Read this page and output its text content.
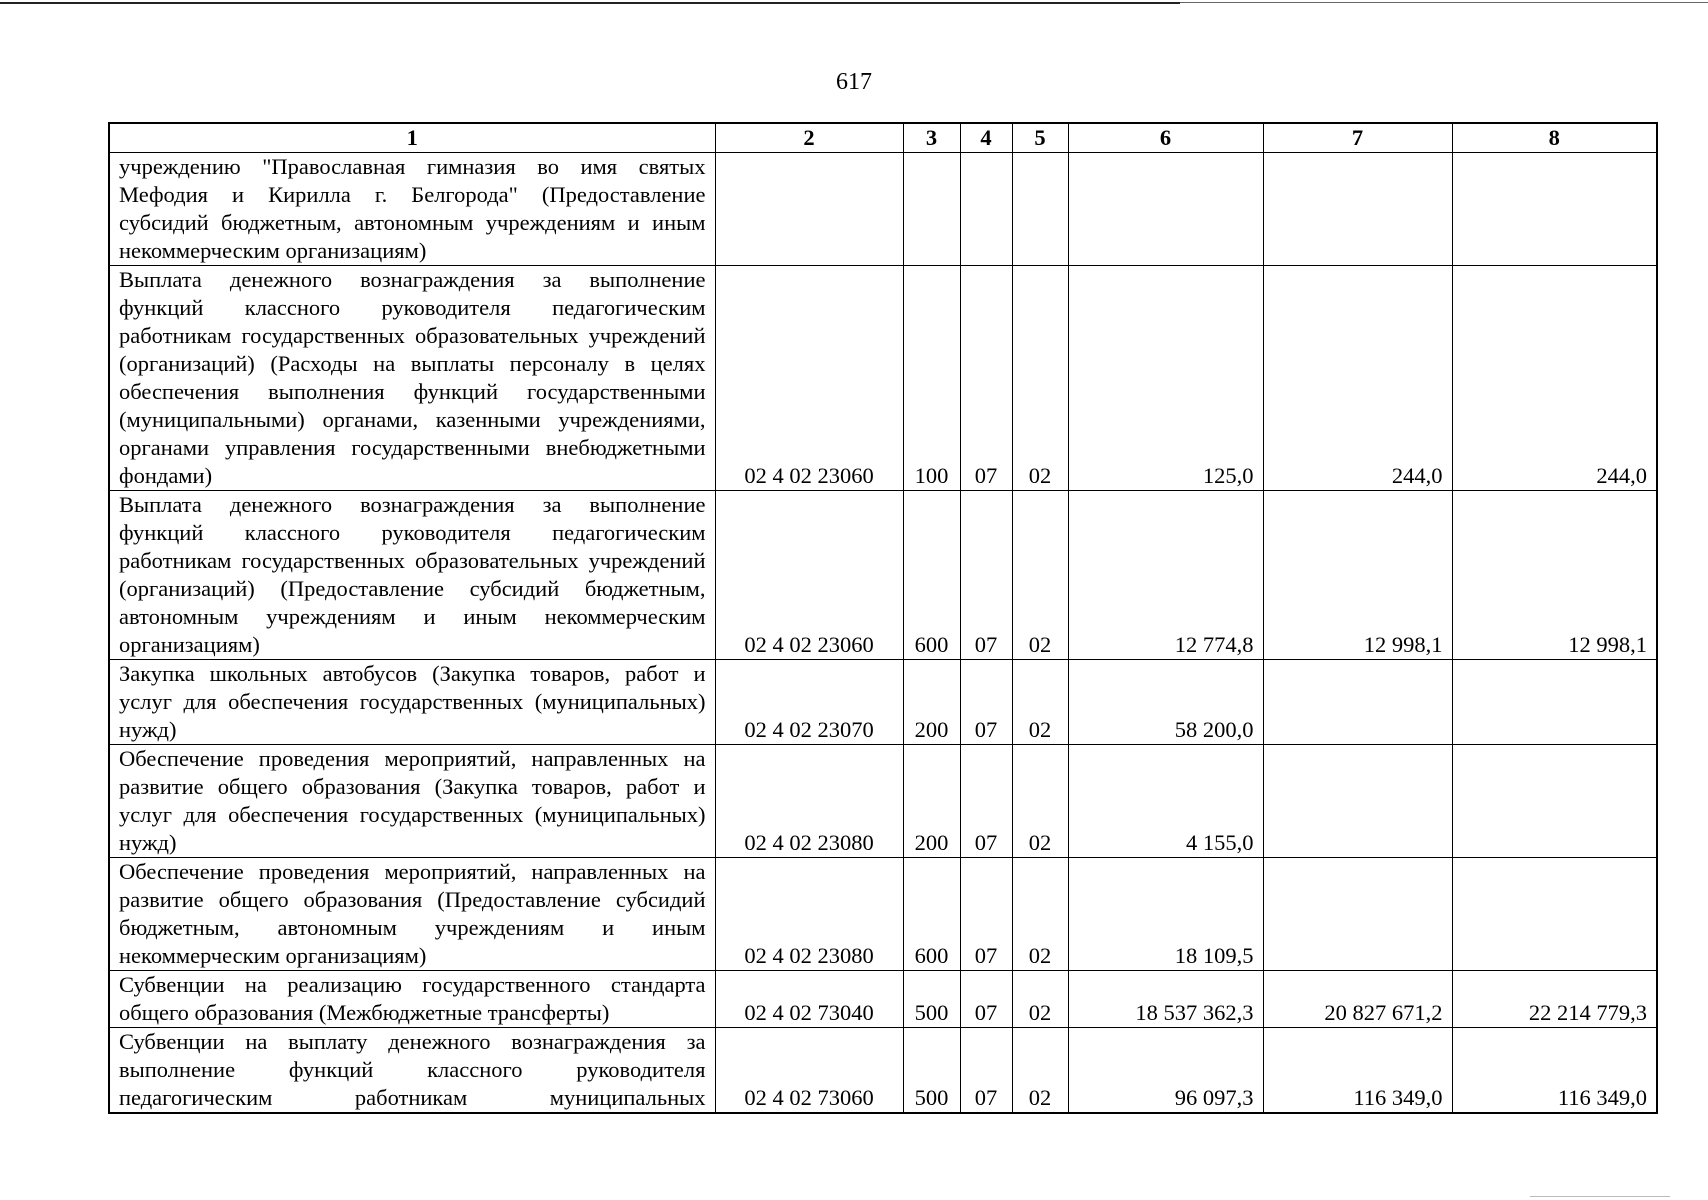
617
1	2	3	4	5	6	7	8
учреждению "Православная гимназия во имя святых Мефодия и Кирилла г. Белгорода" (Предоставление субсидий бюджетным, автономным учреждениям и иным некоммерческим организациям)							
Выплата денежного вознаграждения за выполнение функций классного руководителя педагогическим работникам государственных образовательных учреждений (организаций) (Расходы на выплаты персоналу в целях обеспечения выполнения функций государственными (муниципальными) органами, казенными учреждениями, органами управления государственными внебюджетными фондами)	02 4 02 23060	100	07	02	125,0	244,0	244,0
Выплата денежного вознаграждения за выполнение функций классного руководителя педагогическим работникам государственных образовательных учреждений (организаций) (Предоставление субсидий бюджетным, автономным учреждениям и иным некоммерческим организациям)	02 4 02 23060	600	07	02	12 774,8	12 998,1	12 998,1
Закупка школьных автобусов (Закупка товаров, работ и услуг для обеспечения государственных (муниципальных) нужд)	02 4 02 23070	200	07	02	58 200,0		
Обеспечение проведения мероприятий, направленных на развитие общего образования (Закупка товаров, работ и услуг для обеспечения государственных (муниципальных) нужд)	02 4 02 23080	200	07	02	4 155,0		
Обеспечение проведения мероприятий, направленных на развитие общего образования (Предоставление субсидий бюджетным, автономным учреждениям и иным некоммерческим организациям)	02 4 02 23080	600	07	02	18 109,5		
Субвенции на реализацию государственного стандарта общего образования (Межбюджетные трансферты)	02 4 02 73040	500	07	02	18 537 362,3	20 827 671,2	22 214 779,3
Субвенции на выплату денежного вознаграждения за выполнение функций классного руководителя педагогическим работникам муниципальных	02 4 02 73060	500	07	02	96 097,3	116 349,0	116 349,0
